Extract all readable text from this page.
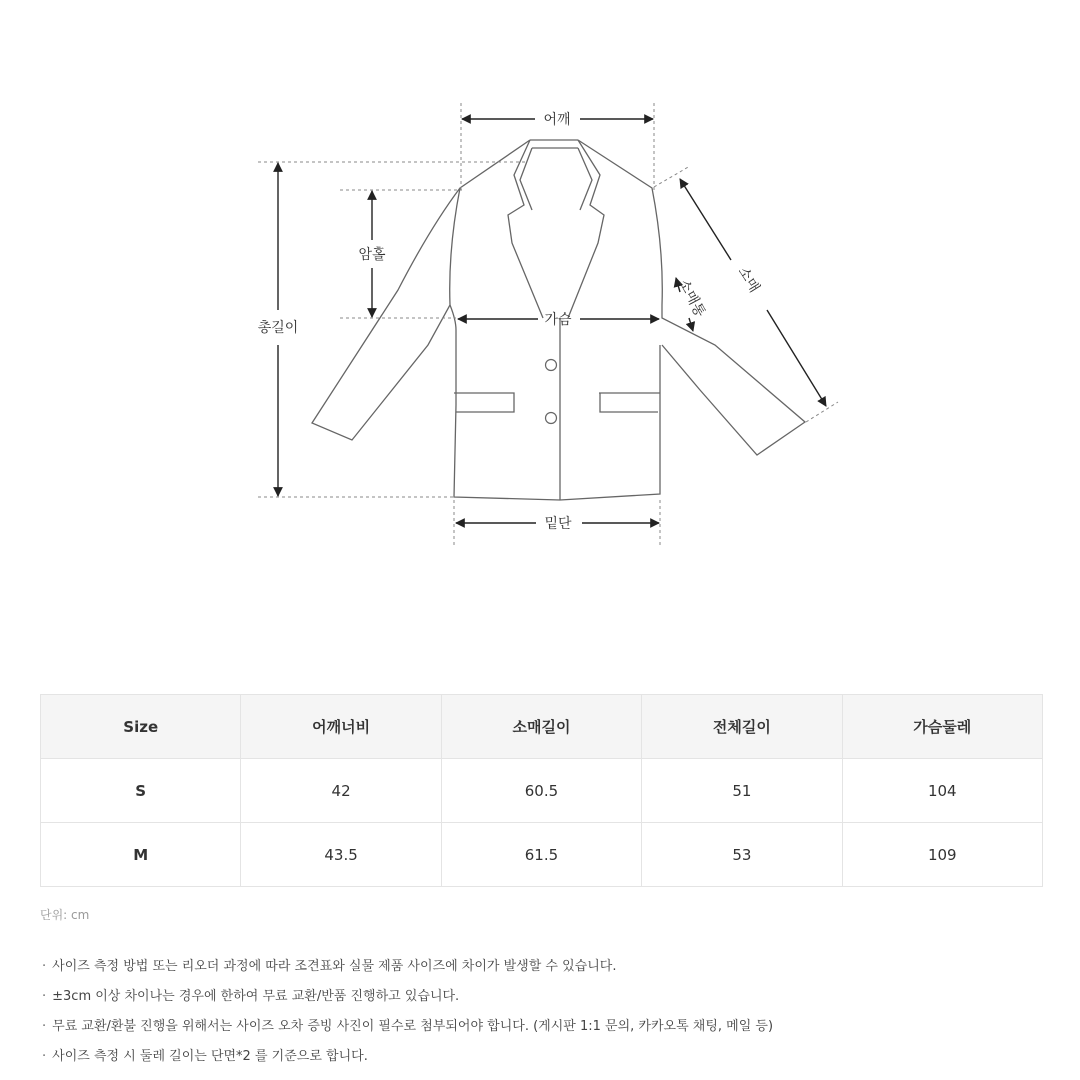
어깨
암홀
총길이	가슴
밑단
소매
소매통
Size	어깨너비	소매길이	전체길이	가슴둘레
S	42	60.5	51	104
M	43.5	61.5	53	109
단위: cm
· 사이즈 측정 방법 또는 리오더 과정에 따라 조견표와 실물 제품 사이즈에 차이가 발생할 수 있습니다.
· ±3cm 이상 차이나는 경우에 한하여 무료 교환/반품 진행하고 있습니다.
· 무료 교환/환불 진행을 위해서는 사이즈 오차 증빙 사진이 필수로 첨부되어야 합니다. (게시판 1:1 문의, 카카오톡 채팅, 메일 등)
· 사이즈 측정 시 둘레 길이는 단면*2 를 기준으로 합니다.
